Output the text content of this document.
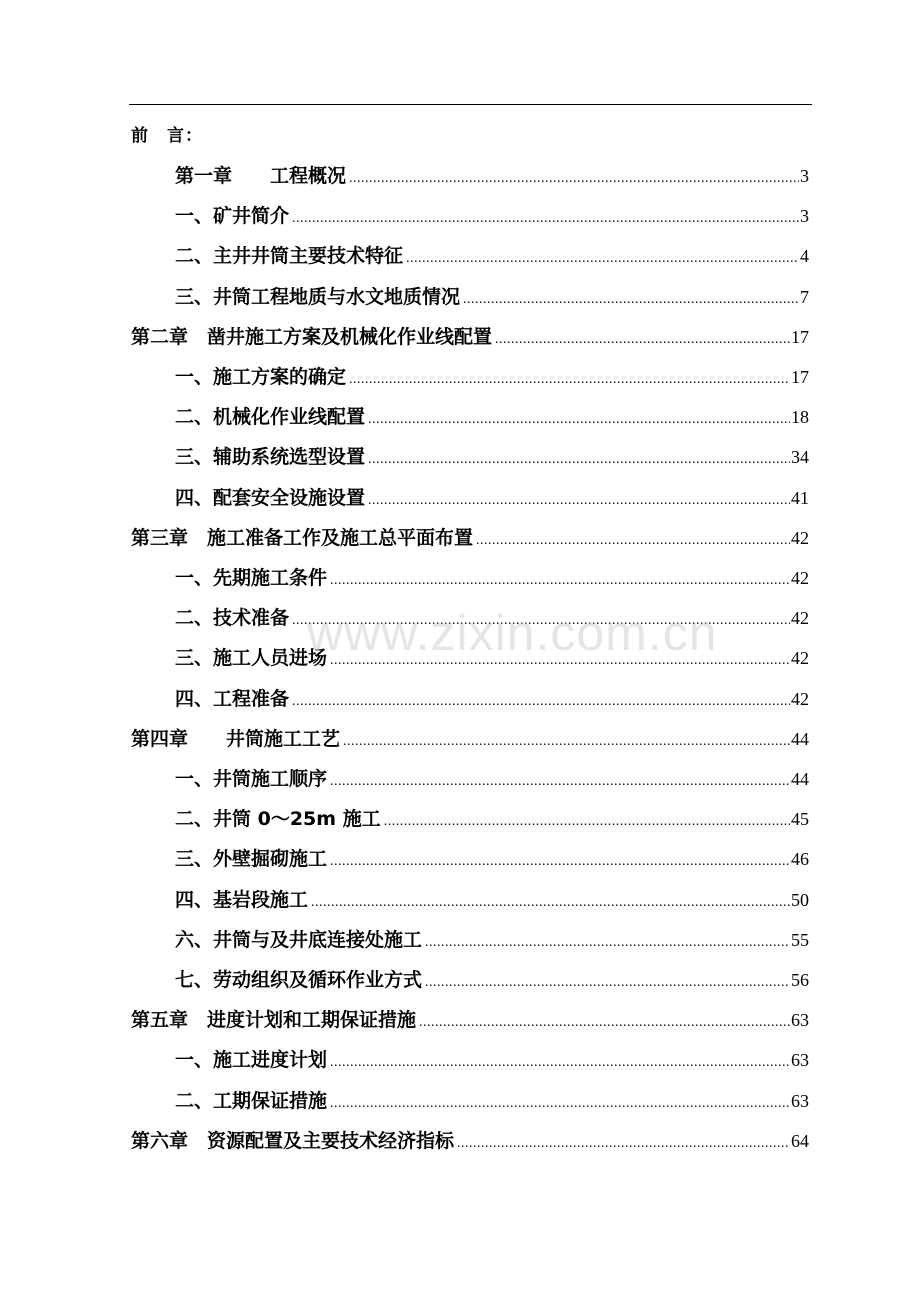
前　言：
第一章　　工程概况 .....	3
一、矿井简介 .....	3
二、主井井筒主要技术特征 .....	4
三、井筒工程地质与水文地质情况 .....	7
第二章　凿井施工方案及机械化作业线配置 .....	17
一、施工方案的确定 .....	17
二、机械化作业线配置 .....	18
三、辅助系统选型设置 .....	34
四、配套安全设施设置 .....	41
第三章　施工准备工作及施工总平面布置 .....	42
一、先期施工条件 .....	42
二、技术准备 .....	42
三、施工人员进场 .....	42
四、工程准备 .....	42
第四章　　井筒施工工艺 .....	44
一、井筒施工顺序 .....	44
二、井筒 0～25m 施工 .....	45
三、外壁掘砌施工 .....	46
四、基岩段施工 .....	50
六、井筒与及井底连接处施工 .....	55
七、劳动组织及循环作业方式 .....	56
第五章　进度计划和工期保证措施 .....	63
一、施工进度计划 .....	63
二、工期保证措施 .....	63
第六章　资源配置及主要技术经济指标 .....	64
www.zixin.com.cn
